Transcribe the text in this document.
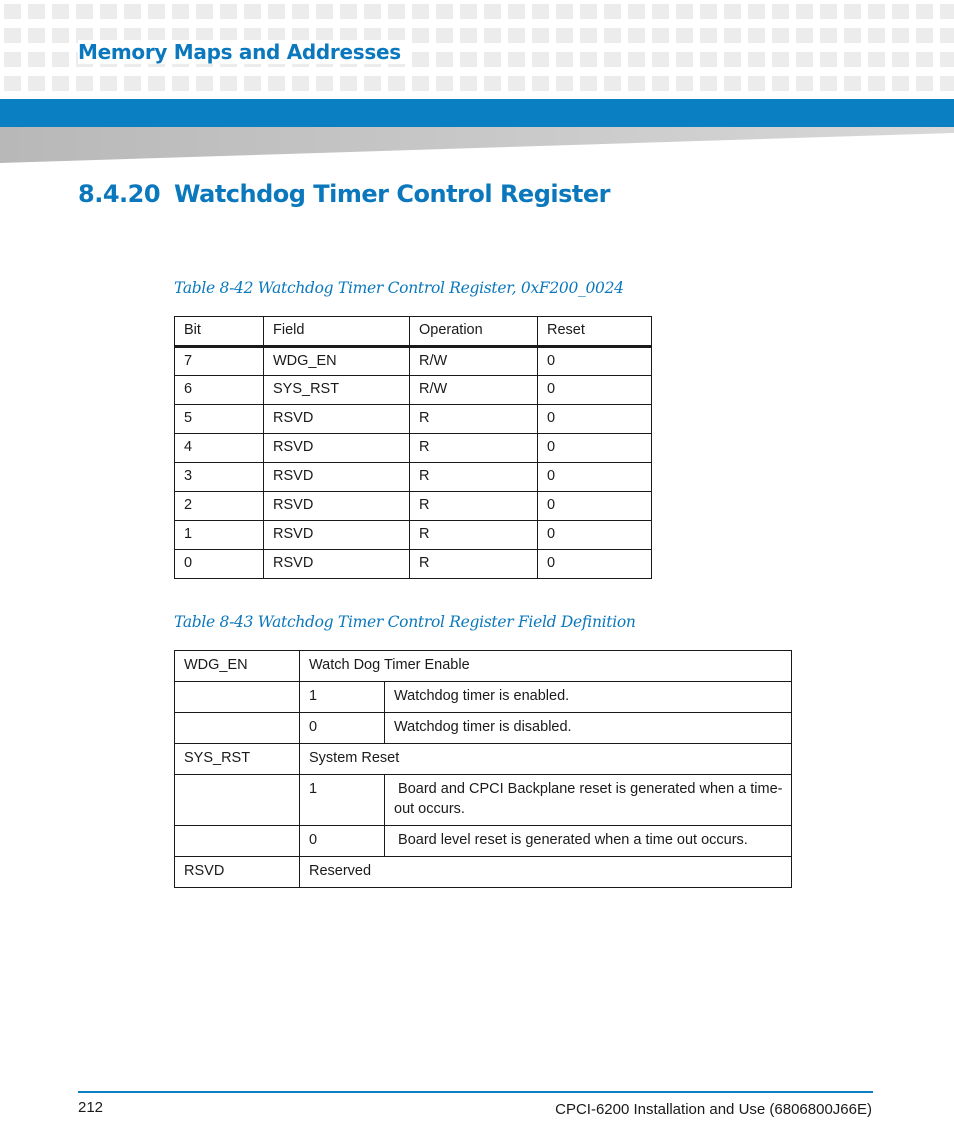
Memory Maps and Addresses
8.4.20 Watchdog Timer Control Register

Table 8-42 Watchdog Timer Control Register, 0xF200_0024

Bit	Field	Operation	Reset
7	WDG_EN	R/W	0
6	SYS_RST	R/W	0
5	RSVD	R	0
4	RSVD	R	0
3	RSVD	R	0
2	RSVD	R	0
1	RSVD	R	0
0	RSVD	R	0

Table 8-43 Watchdog Timer Control Register Field Definition

WDG_EN	Watch Dog Timer Enable	
	1	Watchdog timer is enabled.
	0	Watchdog timer is disabled.
SYS_RST	System Reset	
	1	Board and CPCI Backplane reset is generated when a time-out occurs.
	0	Board level reset is generated when a time out occurs.
RSVD	Reserved	
212	CPCI-6200 Installation and Use (6806800J66E)
